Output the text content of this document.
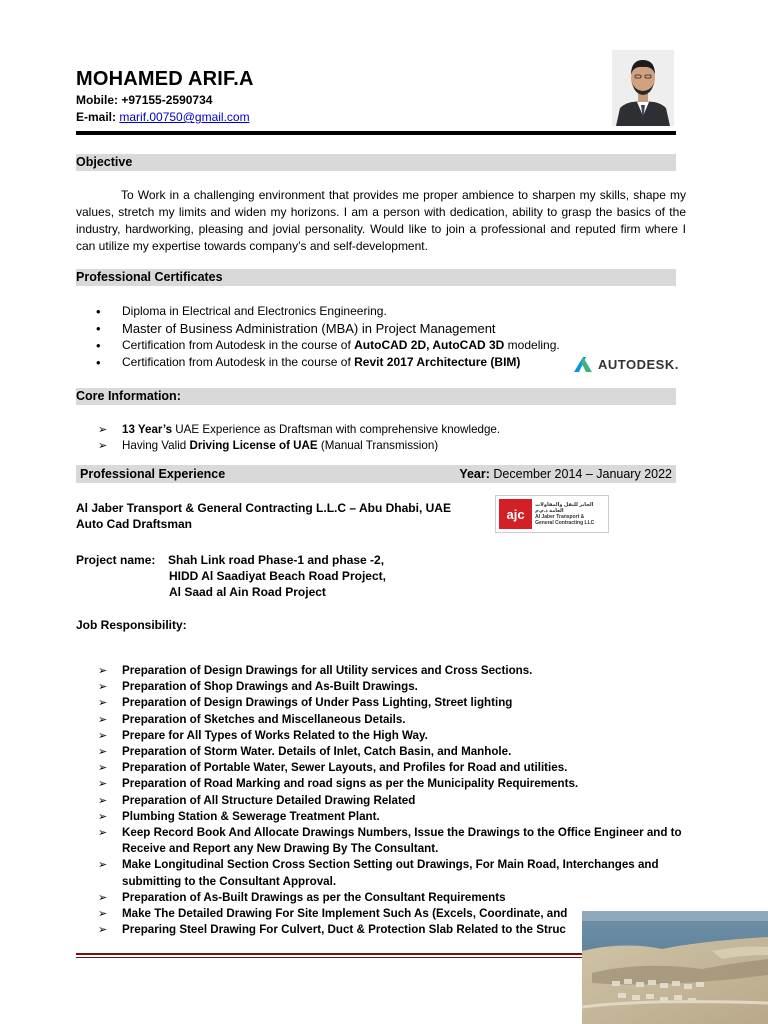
MOHAMED ARIF.A
Mobile: +97155-2590734
E-mail: marif.00750@gmail.com
Objective
To Work in a challenging environment that provides me proper ambience to sharpen my skills, shape my values, stretch my limits and widen my horizons. I am a person with dedication, ability to grasp the basics of the industry, hardworking, pleasing and jovial personality. Would like to join a professional and reputed firm where I can utilize my expertise towards company’s and self-development.
Professional Certificates
• Diploma in Electrical and Electronics Engineering.
• Master of Business Administration (MBA) in Project Management
• Certification from Autodesk in the course of AutoCAD 2D, AutoCAD 3D modeling.
• Certification from Autodesk in the course of Revit 2017 Architecture (BIM)	AUTODESK.
Core Information:
➢ 13 Year’s UAE Experience as Draftsman with comprehensive knowledge.
➢ Having Valid Driving License of UAE (Manual Transmission)
Professional Experience	Year: December 2014 – January 2022
Al Jaber Transport & General Contracting L.L.C – Abu Dhabi, UAE
Auto Cad Draftsman
ajc
الجابر للنقل والمقاولات العامة ذ.م.م
Al Jaber Transport &
General Contracting LLC
Project name: Shah Link road Phase-1 and phase -2,
HIDD Al Saadiyat Beach Road Project,
Al Saad al Ain Road Project
Job Responsibility:
➢ Preparation of Design Drawings for all Utility services and Cross Sections.
➢ Preparation of Shop Drawings and As-Built Drawings.
➢ Preparation of Design Drawings of Under Pass Lighting, Street lighting
➢ Preparation of Sketches and Miscellaneous Details.
➢ Prepare for All Types of Works Related to the High Way.
➢ Preparation of Storm Water. Details of Inlet, Catch Basin, and Manhole.
➢ Preparation of Portable Water, Sewer Layouts, and Profiles for Road and utilities.
➢ Preparation of Road Marking and road signs as per the Municipality Requirements.
➢ Preparation of All Structure Detailed Drawing Related
➢ Plumbing Station & Sewerage Treatment Plant.
➢ Keep Record Book And Allocate Drawings Numbers, Issue the Drawings to the Office Engineer and to Receive and Report any New Drawing By The Consultant.
➢ Make Longitudinal Section Cross Section Setting out Drawings, For Main Road, Interchanges and submitting to the Consultant Approval.
➢ Preparation of As-Built Drawings as per the Consultant Requirements
➢ Make The Detailed Drawing For Site Implement Such As (Excels, Coordinate, and
➢ Preparing Steel Drawing For Culvert, Duct & Protection Slab Related to the Struc
